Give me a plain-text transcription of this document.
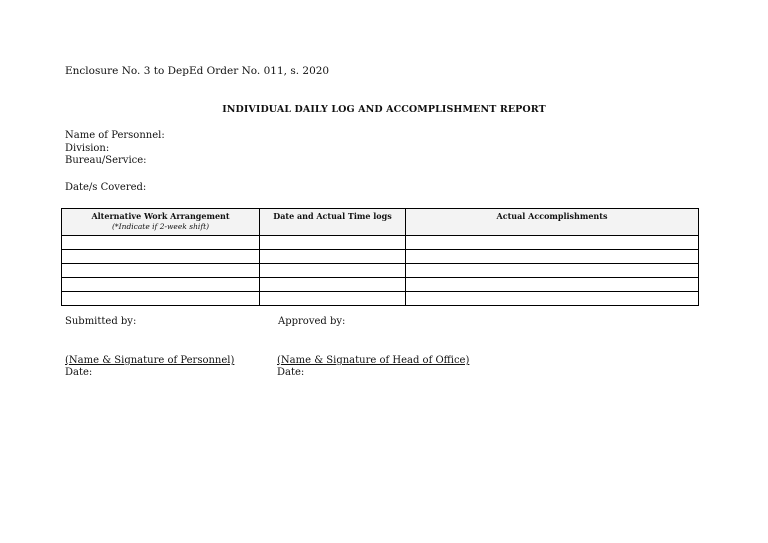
Enclosure No. 3 to DepEd Order No. 011, s. 2020
INDIVIDUAL DAILY LOG AND ACCOMPLISHMENT REPORT
Name of Personnel:
Division:
Bureau/Service:
Date/s Covered:
Alternative Work Arrangement
(*Indicate if 2-week shift)	Date and Actual Time logs	Actual Accomplishments

Submitted by:	Approved by:
(Name & Signature of Personnel)
Date:
(Name & Signature of Head of Office)
Date:
